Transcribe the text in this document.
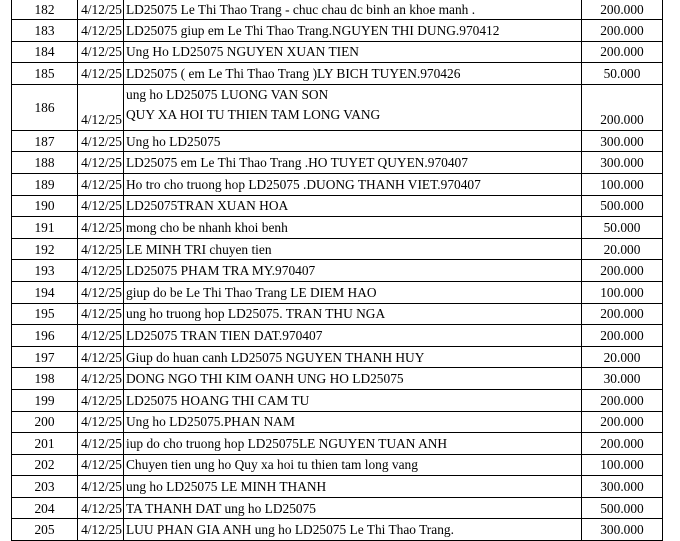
182	4/12/25	LD25075 Le Thi Thao Trang - chuc chau dc binh an khoe manh .	200.000
183	4/12/25	LD25075 giup em Le Thi Thao Trang.NGUYEN THI DUNG.970412	200.000
184	4/12/25	Ung Ho LD25075 NGUYEN XUAN TIEN	200.000
185	4/12/25	LD25075 ( em Le Thi Thao Trang )LY BICH TUYEN.970426	50.000
186	4/12/25	ung ho LD25075 LUONG VAN SON
QUY XA HOI TU THIEN TAM LONG VANG	200.000
187	4/12/25	Ung ho LD25075	300.000
188	4/12/25	LD25075 em Le Thi Thao Trang .HO TUYET QUYEN.970407	300.000
189	4/12/25	Ho tro cho truong hop LD25075 .DUONG THANH VIET.970407	100.000
190	4/12/25	LD25075TRAN XUAN HOA	500.000
191	4/12/25	mong cho be nhanh khoi benh	50.000
192	4/12/25	LE MINH TRI chuyen tien	20.000
193	4/12/25	LD25075 PHAM TRA MY.970407	200.000
194	4/12/25	giup do be Le Thi Thao Trang LE DIEM HAO	100.000
195	4/12/25	ung ho truong hop LD25075. TRAN THU NGA	200.000
196	4/12/25	LD25075 TRAN TIEN DAT.970407	200.000
197	4/12/25	Giup do huan canh LD25075 NGUYEN THANH HUY	20.000
198	4/12/25	DONG NGO THI KIM OANH UNG HO LD25075	30.000
199	4/12/25	LD25075 HOANG THI CAM TU	200.000
200	4/12/25	Ung ho LD25075.PHAN NAM	200.000
201	4/12/25	iup do cho truong hop LD25075LE NGUYEN TUAN ANH	200.000
202	4/12/25	Chuyen tien ung ho Quy xa hoi tu thien tam long vang	100.000
203	4/12/25	ung ho LD25075 LE MINH THANH	300.000
204	4/12/25	TA THANH DAT ung ho LD25075	500.000
205	4/12/25	LUU PHAN GIA ANH ung ho LD25075 Le Thi Thao Trang.	300.000
